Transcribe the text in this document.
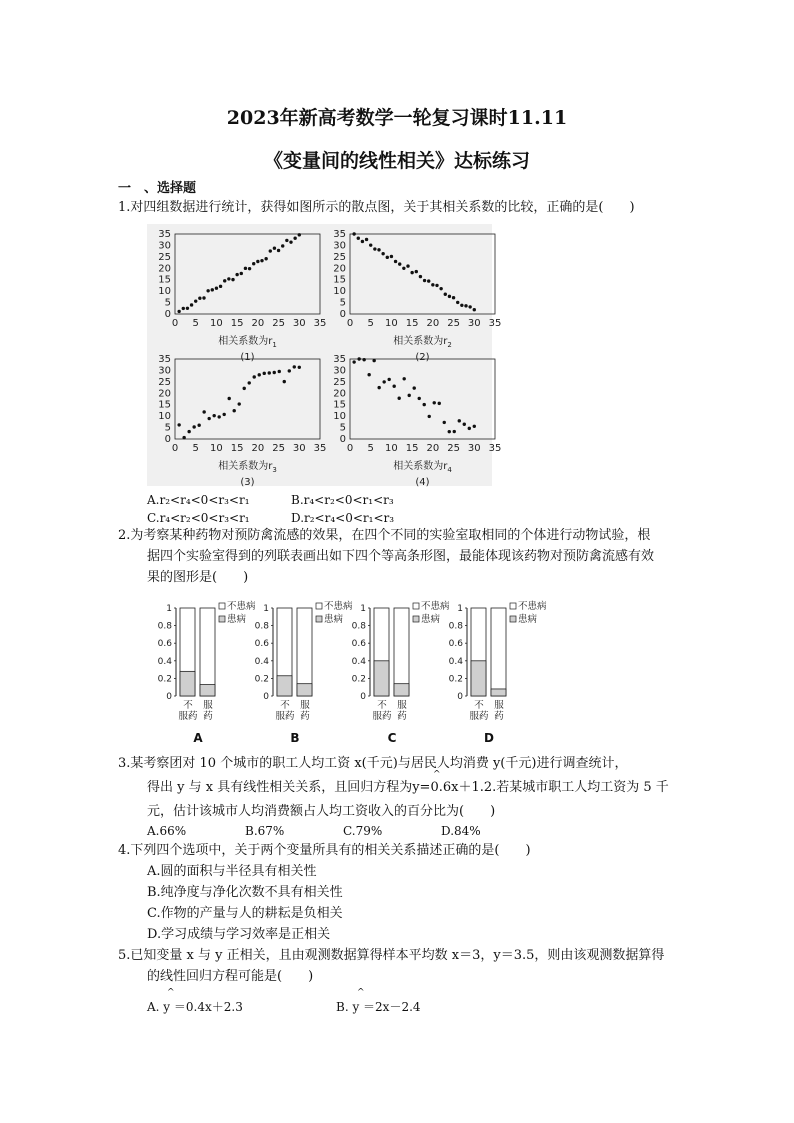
2023年新高考数学一轮复习课时11.11
《变量间的线性相关》达标练习
一　、选择题
1.对四组数据进行统计，获得如图所示的散点图，关于其相关系数的比较，正确的是(　　)
0
5
10
15
20
25
30
35
0 5 10 15 20 25 30 35
相关系数为$r_1$
(1)
0
5
10
15
20
25
30
35
0 5 10 15 20 25 30 35
相关系数为$r_2$
(2)
0
5
10
15
20
25
30
35
0 5 10 15 20 25 30 35
相关系数为$r_3$
(3)
0
5
10
15
20
25
30
35
0 5 10 15 20 25 30 35
相关系数为$r_4$
(4)
A.r₂<r₄<0<r₃<r₁	B.r₄<r₂<0<r₁<r₃
C.r₄<r₂<0<r₃<r₁	D.r₂<r₄<0<r₁<r₃
2.为考察某种药物对预防禽流感的效果，在四个不同的实验室取相同的个体进行动物试验，根
据四个实验室得到的列联表画出如下四个等高条形图，最能体现该药物对预防禽流感有效
果的图形是(　　)
1
0.8
0.6
0.4
0.2
0
不患病
患病
不
服药
服
药
A
1
0.8
0.6
0.4
0.2
0
不患病
患病
不
服药
服
药
B
1
0.8
0.6
0.4
0.2
0
不患病
患病
不
服药
服
药
C
1
0.8
0.6
0.4
0.2
0
不患病
患病
不
服药
服
药
D
3.某考察团对 10 个城市的职工人均工资 x(千元)与居民人均消费 y(千元)进行调查统计，
^
得出 y 与 x 具有线性相关关系，且回归方程为y=0.6x＋1.2.若某城市职工人均工资为 5 千
元，估计该城市人均消费额占人均工资收入的百分比为(　　)
A.66%	B.67%	C.79%	D.84%
4.下列四个选项中，关于两个变量所具有的相关关系描述正确的是(　　)
A.圆的面积与半径具有相关性
B.纯净度与净化次数不具有相关性
C.作物的产量与人的耕耘是负相关
D.学习成绩与学习效率是正相关
5.已知变量 x 与 y 正相关，且由观测数据算得样本平均数 x＝3，y＝3.5，则由该观测数据算得
的线性回归方程可能是(　　)
^	^
A. y ＝0.4x＋2.3	B. y ＝2x－2.4
